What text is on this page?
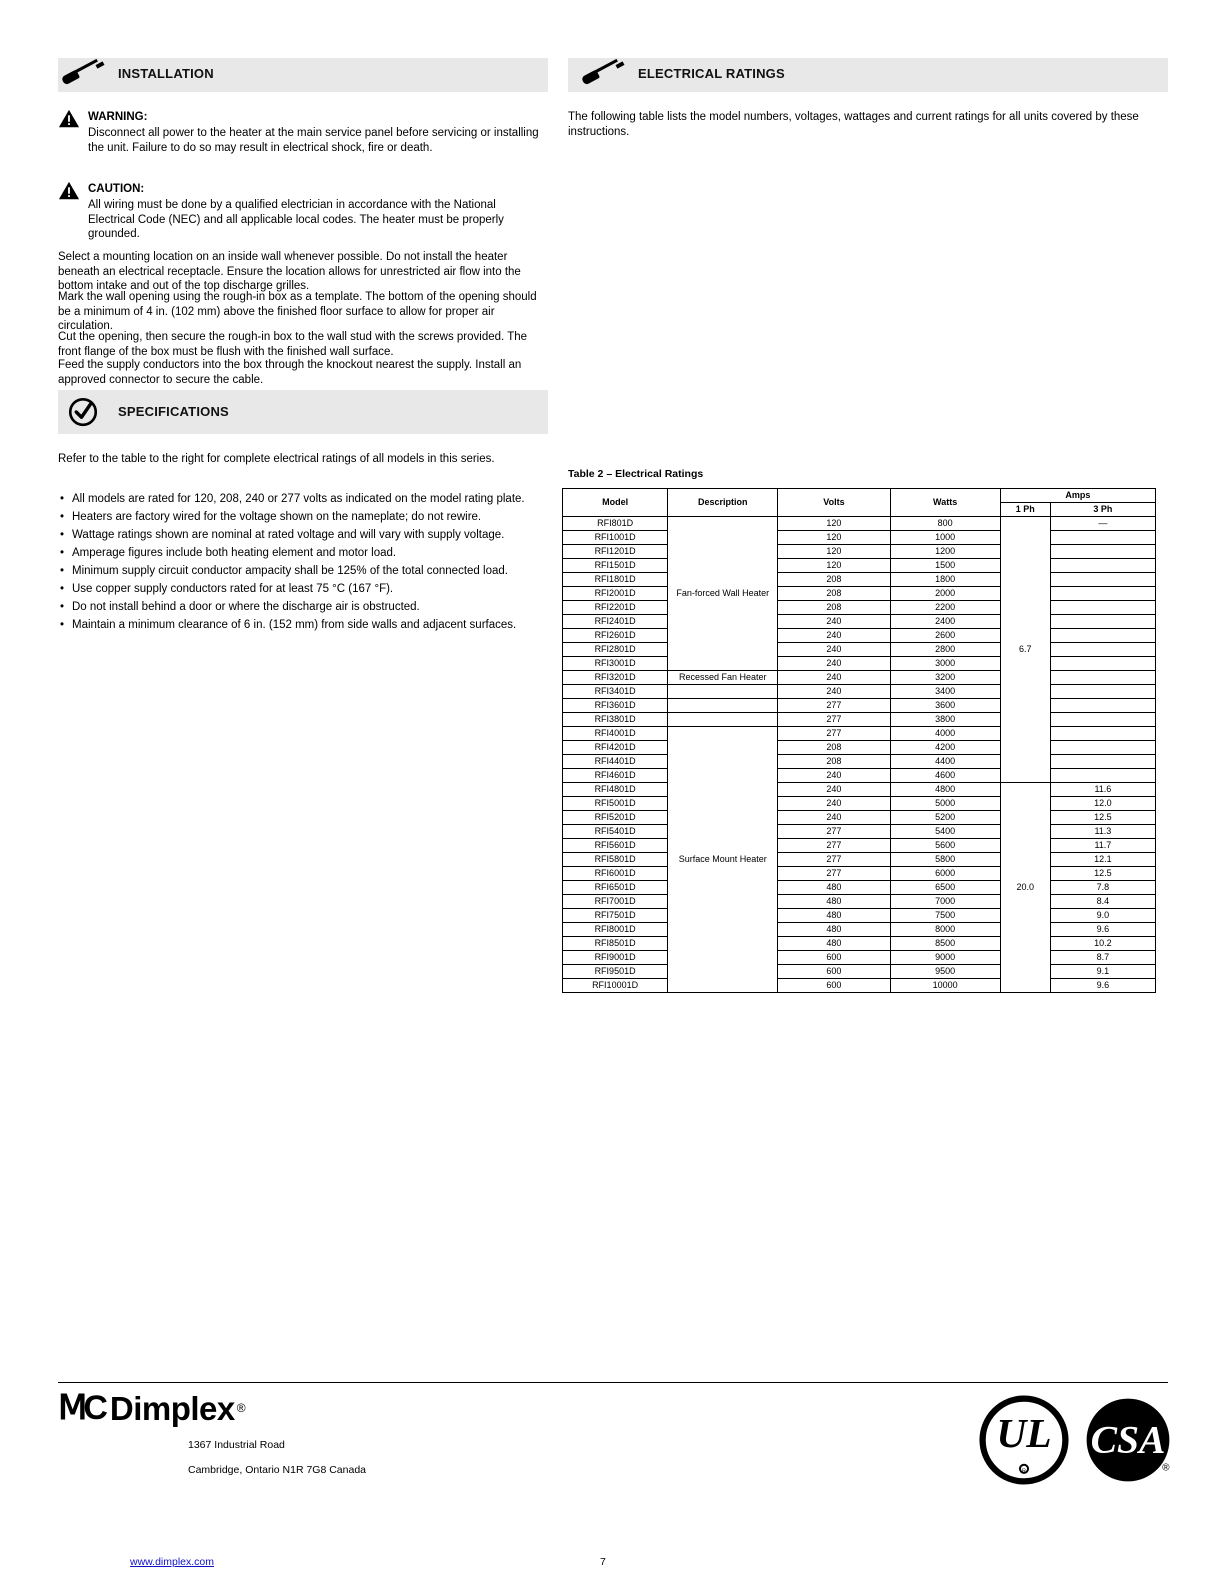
INSTALLATION	ELECTRICAL RATINGS
WARNING:
Disconnect all power to the heater at the main service panel before servicing or installing the unit. Failure to do so may result in electrical shock, fire or death.
CAUTION:
All wiring must be done by a qualified electrician in accordance with the National Electrical Code (NEC) and all applicable local codes. The heater must be properly grounded.
Select a mounting location on an inside wall whenever possible. Do not install the heater beneath an electrical receptacle. Ensure the location allows for unrestricted air flow into the bottom intake and out of the top discharge grilles.
Mark the wall opening using the rough-in box as a template. The bottom of the opening should be a minimum of 4 in. (102 mm) above the finished floor surface to allow for proper air circulation.
Cut the opening, then secure the rough-in box to the wall stud with the screws provided. The front flange of the box must be flush with the finished wall surface.
Feed the supply conductors into the box through the knockout nearest the supply. Install an approved connector to secure the cable.
SPECIFICATIONS
Refer to the table to the right for complete electrical ratings of all models in this series.
• All models are rated for 120, 208, 240 or 277 volts as indicated on the model rating plate.
• Heaters are factory wired for the voltage shown on the nameplate; do not rewire.
• Wattage ratings shown are nominal at rated voltage and will vary with supply voltage.
• Amperage figures include both heating element and motor load.
• Minimum supply circuit conductor ampacity shall be 125% of the total connected load.
• Use copper supply conductors rated for at least 75 °C (167 °F).
• Do not install behind a door or where the discharge air is obstructed.
• Maintain a minimum clearance of 6 in. (152 mm) from side walls and adjacent surfaces.
The following table lists the model numbers, voltages, wattages and current ratings for all units covered by these instructions.
Table 2 – Electrical Ratings
Model	Description	Volts	Watts	Amps	
				1 Ph	3 Ph
RFI801D	Fan-forced Wall Heater	120	800	6.7	—
RFI1001D		120	1000		
RFI1201D		120	1200		
RFI1501D		120	1500		
RFI1801D		208	1800		
RFI2001D		208	2000		
RFI2201D		208	2200		
RFI2401D		240	2400		
RFI2601D		240	2600		
RFI2801D		240	2800		
RFI3001D		240	3000		
RFI3201D	Recessed Fan Heater	240	3200		
RFI3401D		240	3400		
RFI3601D		277	3600		
RFI3801D		277	3800		
RFI4001D	Surface Mount Heater	277	4000		
RFI4201D		208	4200		
RFI4401D		208	4400		
RFI4601D		240	4600		
RFI4801D		240	4800	20.0	11.6
RFI5001D		240	5000		12.0
RFI5201D		240	5200		12.5
RFI5401D		277	5400		11.3
RFI5601D		277	5600		11.7
RFI5801D		277	5800		12.1
RFI6001D		277	6000		12.5
RFI6501D		480	6500		7.8
RFI7001D		480	7000		8.4
RFI7501D		480	7500		9.0
RFI8001D		480	8000		9.6
RFI8501D		480	8500		10.2
RFI9001D		600	9000		8.7
RFI9501D		600	9500		9.1
RFI10001D		600	10000		9.6
ⅯC Dimplex ®
1367 Industrial Road
Cambridge, Ontario N1R 7G8 Canada
www.dimplex.com	7
UL
R
CSA
®
